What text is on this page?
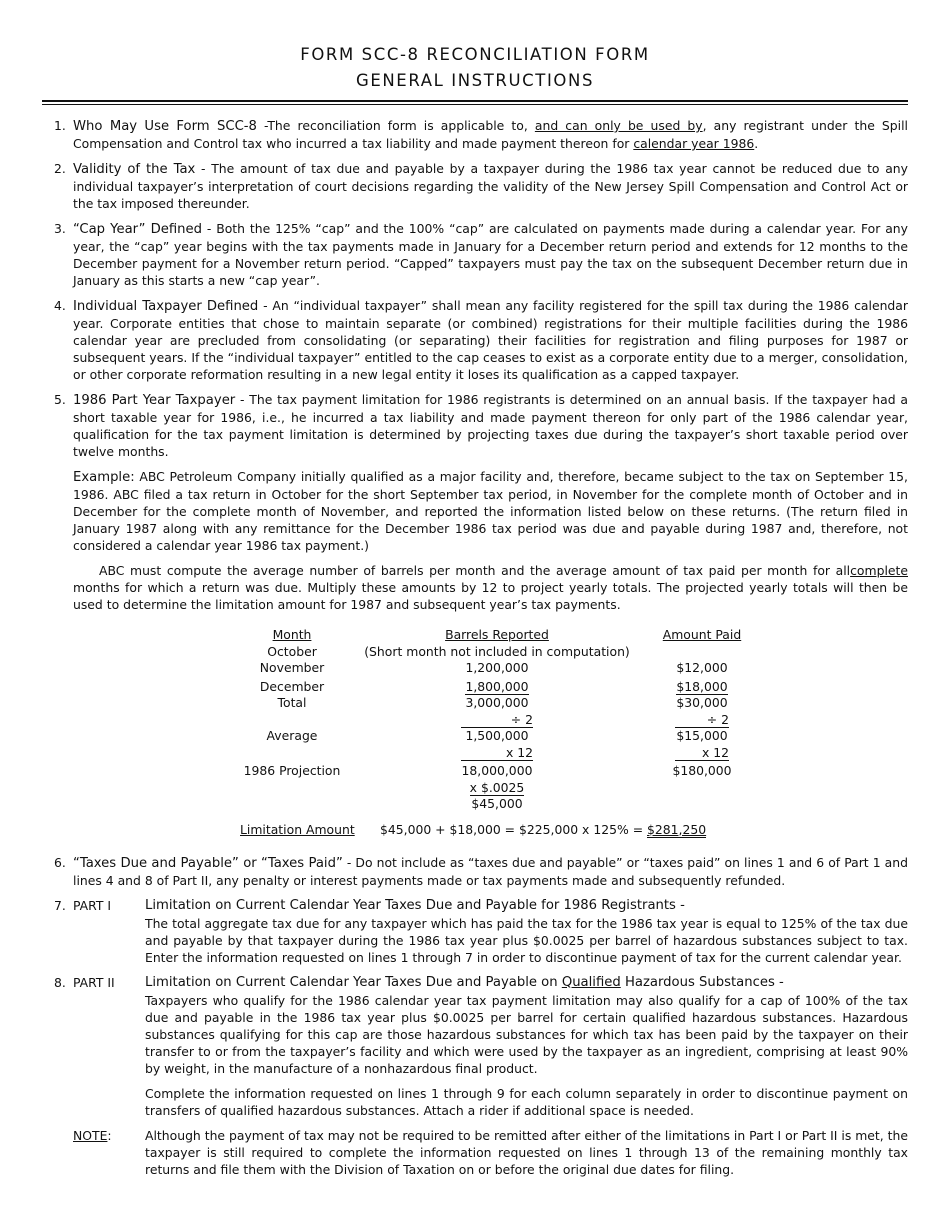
FORM SCC-8 RECONCILIATION FORM
GENERAL INSTRUCTIONS
1. Who May Use Form SCC-8 -The reconciliation form is applicable to, and can only be used by, any registrant under the Spill Compensation and Control tax who incurred a tax liability and made payment thereon for calendar year 1986.
2. Validity of the Tax - The amount of tax due and payable by a taxpayer during the 1986 tax year cannot be reduced due to any individual taxpayer’s interpretation of court decisions regarding the validity of the New Jersey Spill Compensation and Control Act or the tax imposed thereunder.
3. “Cap Year” Defined - Both the 125% “cap” and the 100% “cap” are calculated on payments made during a calendar year. For any year, the “cap” year begins with the tax payments made in January for a December return period and extends for 12 months to the December payment for a November return period. “Capped” taxpayers must pay the tax on the subsequent December return due in January as this starts a new “cap year”.
4. Individual Taxpayer Defined - An “individual taxpayer” shall mean any facility registered for the spill tax during the 1986 calendar year. Corporate entities that chose to maintain separate (or combined) registrations for their multiple facilities during the 1986 calendar year are precluded from consolidating (or separating) their facilities for registration and filing purposes for 1987 or subsequent years. If the “individual taxpayer” entitled to the cap ceases to exist as a corporate entity due to a merger, consolidation, or other corporate reformation resulting in a new legal entity it loses its qualification as a capped taxpayer.
5. 1986 Part Year Taxpayer - The tax payment limitation for 1986 registrants is determined on an annual basis. If the taxpayer had a short taxable year for 1986, i.e., he incurred a tax liability and made payment thereon for only part of the 1986 calendar year, qualification for the tax payment limitation is determined by projecting taxes due during the taxpayer’s short taxable period over twelve months.
Example: ABC Petroleum Company initially qualified as a major facility and, therefore, became subject to the tax on September 15, 1986. ABC filed a tax return in October for the short September tax period, in November for the complete month of October and in December for the complete month of November, and reported the information listed below on these returns. (The return filed in January 1987 along with any remittance for the December 1986 tax period was due and payable during 1987 and, therefore, not considered a calendar year 1986 tax payment.)
ABC must compute the average number of barrels per month and the average amount of tax paid per month for allcomplete months for which a return was due. Multiply these amounts by 12 to project yearly totals. The projected yearly totals will then be used to determine the limitation amount for 1987 and subsequent year’s tax payments.
Month	Barrels Reported	Amount Paid
October	(Short month not included in computation)	
November	1,200,000	$12,000
December	1,800,000	$18,000
Total	3,000,000	$30,000
	÷ 2	÷ 2
Average	1,500,000	$15,000
	x 12	x 12
1986 Projection	18,000,000	$180,000
	x $.0025	
	$45,000	
Limitation Amount $45,000 + $18,000 = $225,000 x 125% = $281,250
6. “Taxes Due and Payable” or “Taxes Paid” - Do not include as “taxes due and payable” or “taxes paid” on lines 1 and 6 of Part 1 and lines 4 and 8 of Part II, any penalty or interest payments made or tax payments made and subsequently refunded.
7. PART I	Limitation on Current Calendar Year Taxes Due and Payable for 1986 Registrants -

The total aggregate tax due for any taxpayer which has paid the tax for the 1986 tax year is equal to 125% of the tax due and payable by that taxpayer during the 1986 tax year plus $0.0025 per barrel of hazardous substances subject to tax. Enter the information requested on lines 1 through 7 in order to discontinue payment of tax for the current calendar year.

8. PART II Limitation on Current Calendar Year Taxes Due and Payable on Qualified Hazardous Substances -

Taxpayers who qualify for the 1986 calendar year tax payment limitation may also qualify for a cap of 100% of the tax due and payable in the 1986 tax year plus $0.0025 per barrel for certain qualified hazardous substances. Hazardous substances qualifying for this cap are those hazardous substances for which tax has been paid by the taxpayer on their transfer to or from the taxpayer’s facility and which were used by the taxpayer as an ingredient, comprising at least 90% by weight, in the manufacture of a nonhazardous final product.

Complete the information requested on lines 1 through 9 for each column separately in order to discontinue payment on transfers of qualified hazardous substances. Attach a rider if additional space is needed.

NOTE:	Although the payment of tax may not be required to be remitted after either of the limitations in Part I or Part II is met, the taxpayer is still required to complete the information requested on lines 1 through 13 of the remaining monthly tax returns and file them with the Division of Taxation on or before the original due dates for filing.
